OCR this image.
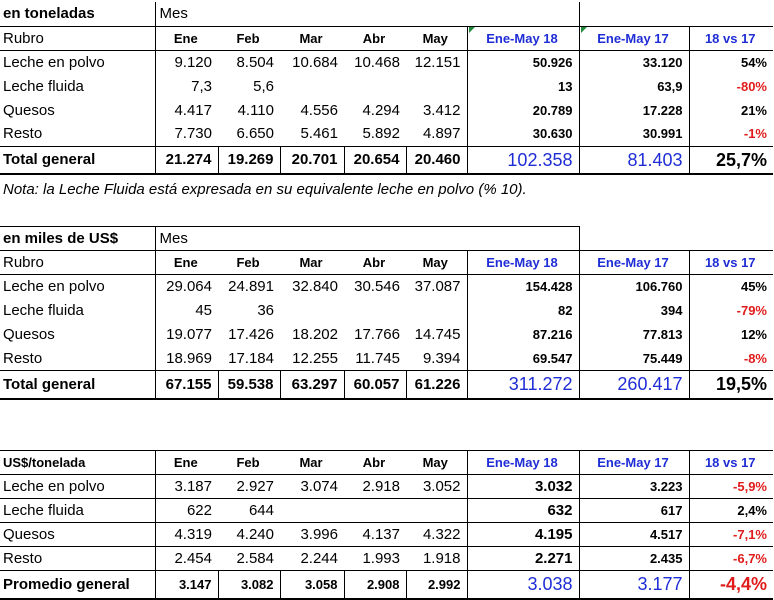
en toneladas	Mes							
Rubro	Ene	Feb	Mar	Abr	May	Ene-May 18	Ene-May 17	18 vs 17
Leche en polvo	9.120	8.504	10.684	10.468	12.151	50.926	33.120	54%
Leche fluida	7,3	5,6				13	63,9	-80%
Quesos	4.417	4.110	4.556	4.294	3.412	20.789	17.228	21%
Resto	7.730	6.650	5.461	5.892	4.897	30.630	30.991	-1%
Total general	21.274	19.269	20.701	20.654	20.460	102.358	81.403	25,7%
Nota: la Leche Fluida está expresada en su equivalente leche en polvo (% 10).
en miles de US$	Mes							
Rubro	Ene	Feb	Mar	Abr	May	Ene-May 18	Ene-May 17	18 vs 17
Leche en polvo	29.064	24.891	32.840	30.546	37.087	154.428	106.760	45%
Leche fluida	45	36				82	394	-79%
Quesos	19.077	17.426	18.202	17.766	14.745	87.216	77.813	12%
Resto	18.969	17.184	12.255	11.745	9.394	69.547	75.449	-8%
Total general	67.155	59.538	63.297	60.057	61.226	311.272	260.417	19,5%
US$/tonelada	Ene	Feb	Mar	Abr	May	Ene-May 18	Ene-May 17	18 vs 17
Leche en polvo	3.187	2.927	3.074	2.918	3.052	3.032	3.223	-5,9%
Leche fluida	622	644				632	617	2,4%
Quesos	4.319	4.240	3.996	4.137	4.322	4.195	4.517	-7,1%
Resto	2.454	2.584	2.244	1.993	1.918	2.271	2.435	-6,7%
Promedio general	3.147	3.082	3.058	2.908	2.992	3.038	3.177	-4,4%
